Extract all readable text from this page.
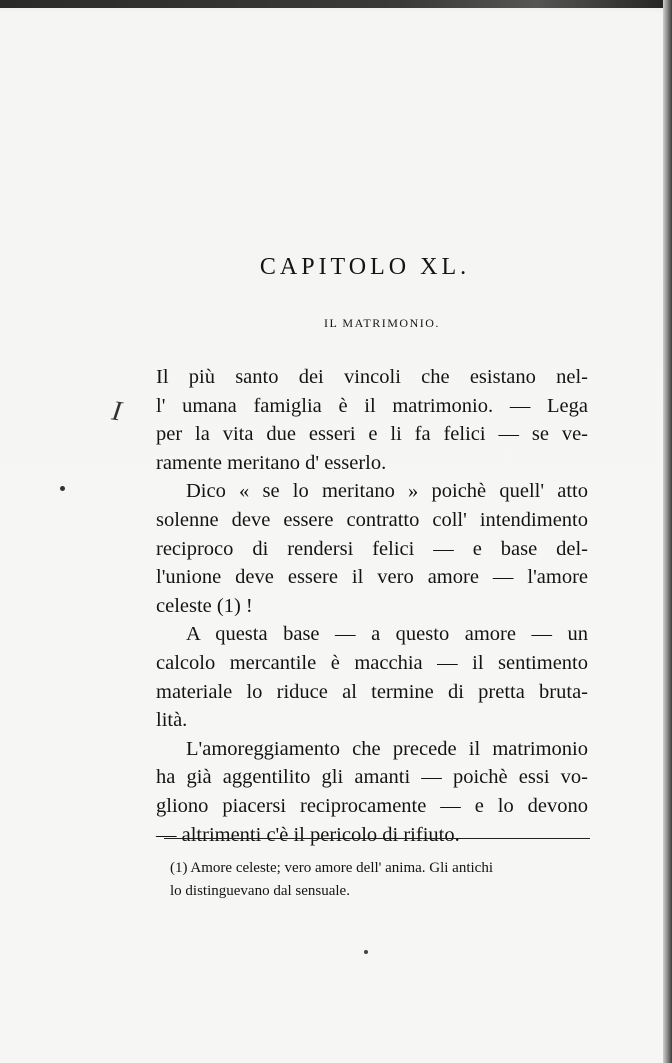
CAPITOLO XL.
IL MATRIMONIO.
I
Il più santo dei vincoli che esistano nel-
l' umana famiglia è il matrimonio. — Lega
per la vita due esseri e li fa felici — se ve-
ramente meritano d' esserlo.
Dico « se lo meritano » poichè quell' atto
solenne deve essere contratto coll' intendimento
reciproco di rendersi felici — e base del-
l'unione deve essere il vero amore — l'amore
celeste (1) !
A questa base — a questo amore — un
calcolo mercantile è macchia — il sentimento
materiale lo riduce al termine di pretta bruta-
lità.
L'amoreggiamento che precede il matrimonio
ha già aggentilito gli amanti — poichè essi vo-
gliono piacersi reciprocamente — e lo devono
— altrimenti c'è il pericolo di rifiuto.
(1) Amore celeste; vero amore dell' anima. Gli antichi
lo distinguevano dal sensuale.
